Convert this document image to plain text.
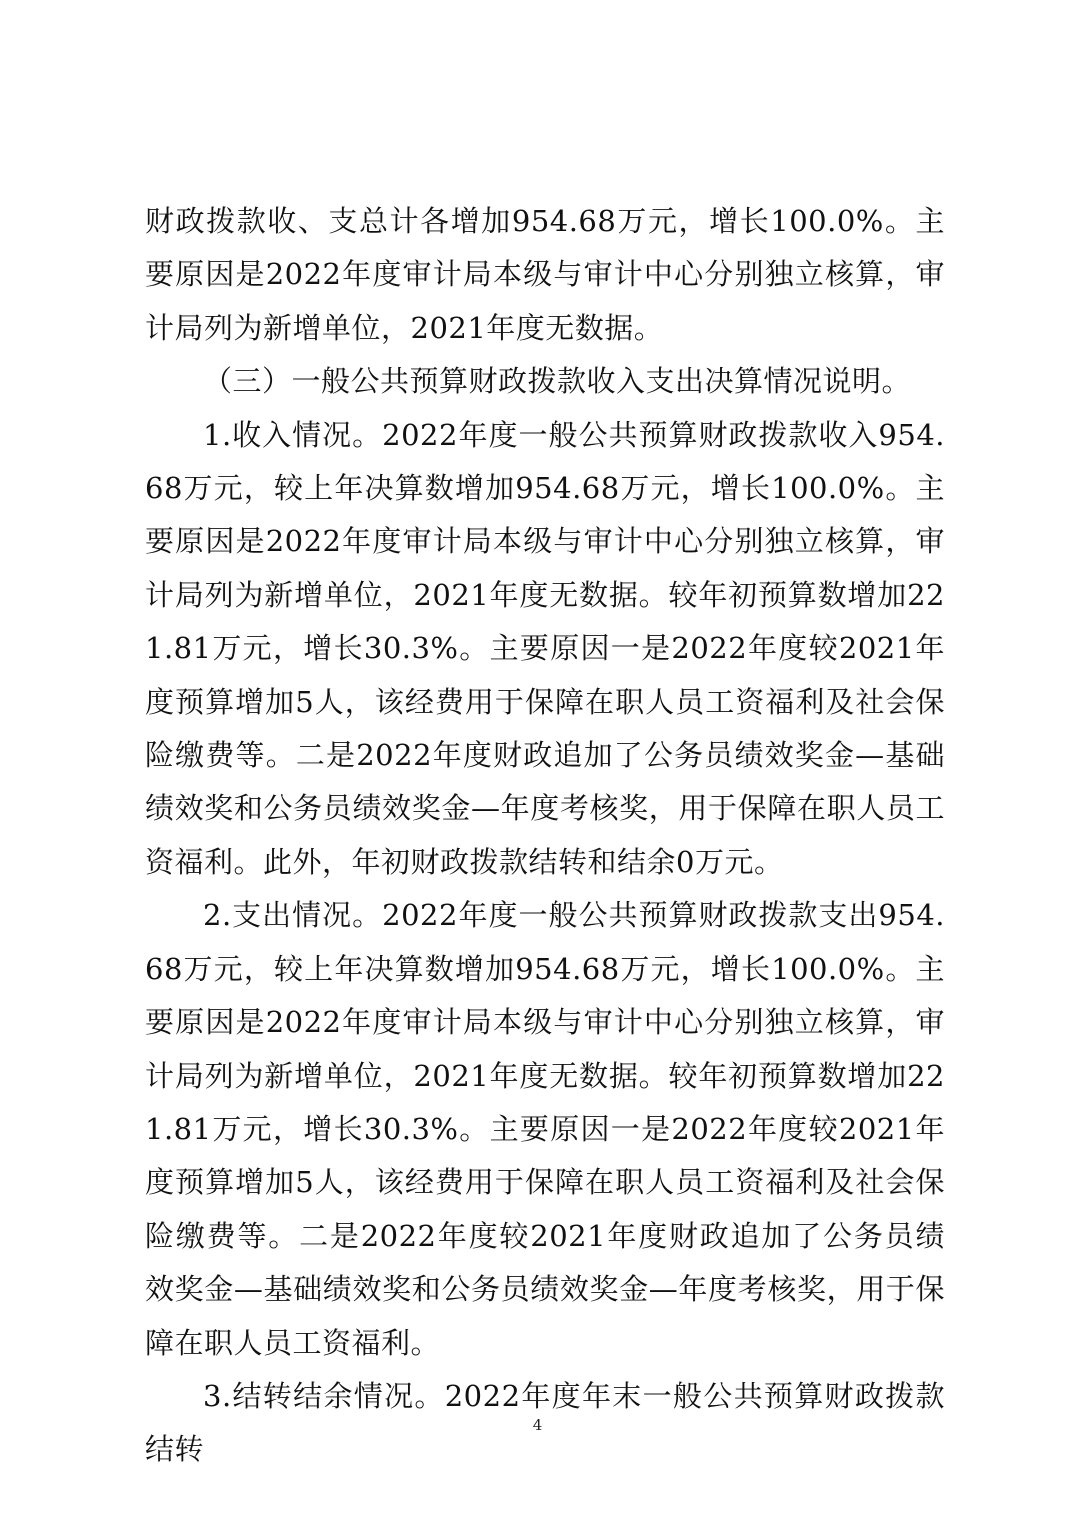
财政拨款收、支总计各增加954.68万元，增长100.0%。主要原因是2022年度审计局本级与审计中心分别独立核算，审计局列为新增单位，2021年度无数据。

（三）一般公共预算财政拨款收入支出决算情况说明。

1.收入情况。2022年度一般公共预算财政拨款收入954.68万元，较上年决算数增加954.68万元，增长100.0%。主要原因是2022年度审计局本级与审计中心分别独立核算，审计局列为新增单位，2021年度无数据。较年初预算数增加221.81万元，增长30.3%。主要原因一是2022年度较2021年度预算增加5人，该经费用于保障在职人员工资福利及社会保险缴费等。二是2022年度财政追加了公务员绩效奖金—基础绩效奖和公务员绩效奖金—年度考核奖，用于保障在职人员工资福利。此外，年初财政拨款结转和结余0万元。

2.支出情况。2022年度一般公共预算财政拨款支出954.68万元，较上年决算数增加954.68万元，增长100.0%。主要原因是2022年度审计局本级与审计中心分别独立核算，审计局列为新增单位，2021年度无数据。较年初预算数增加221.81万元，增长30.3%。主要原因一是2022年度较2021年度预算增加5人，该经费用于保障在职人员工资福利及社会保险缴费等。二是2022年度较2021年度财政追加了公务员绩效奖金—基础绩效奖和公务员绩效奖金—年度考核奖，用于保障在职人员工资福利。

3.结转结余情况。2022年度年末一般公共预算财政拨款结转

4
